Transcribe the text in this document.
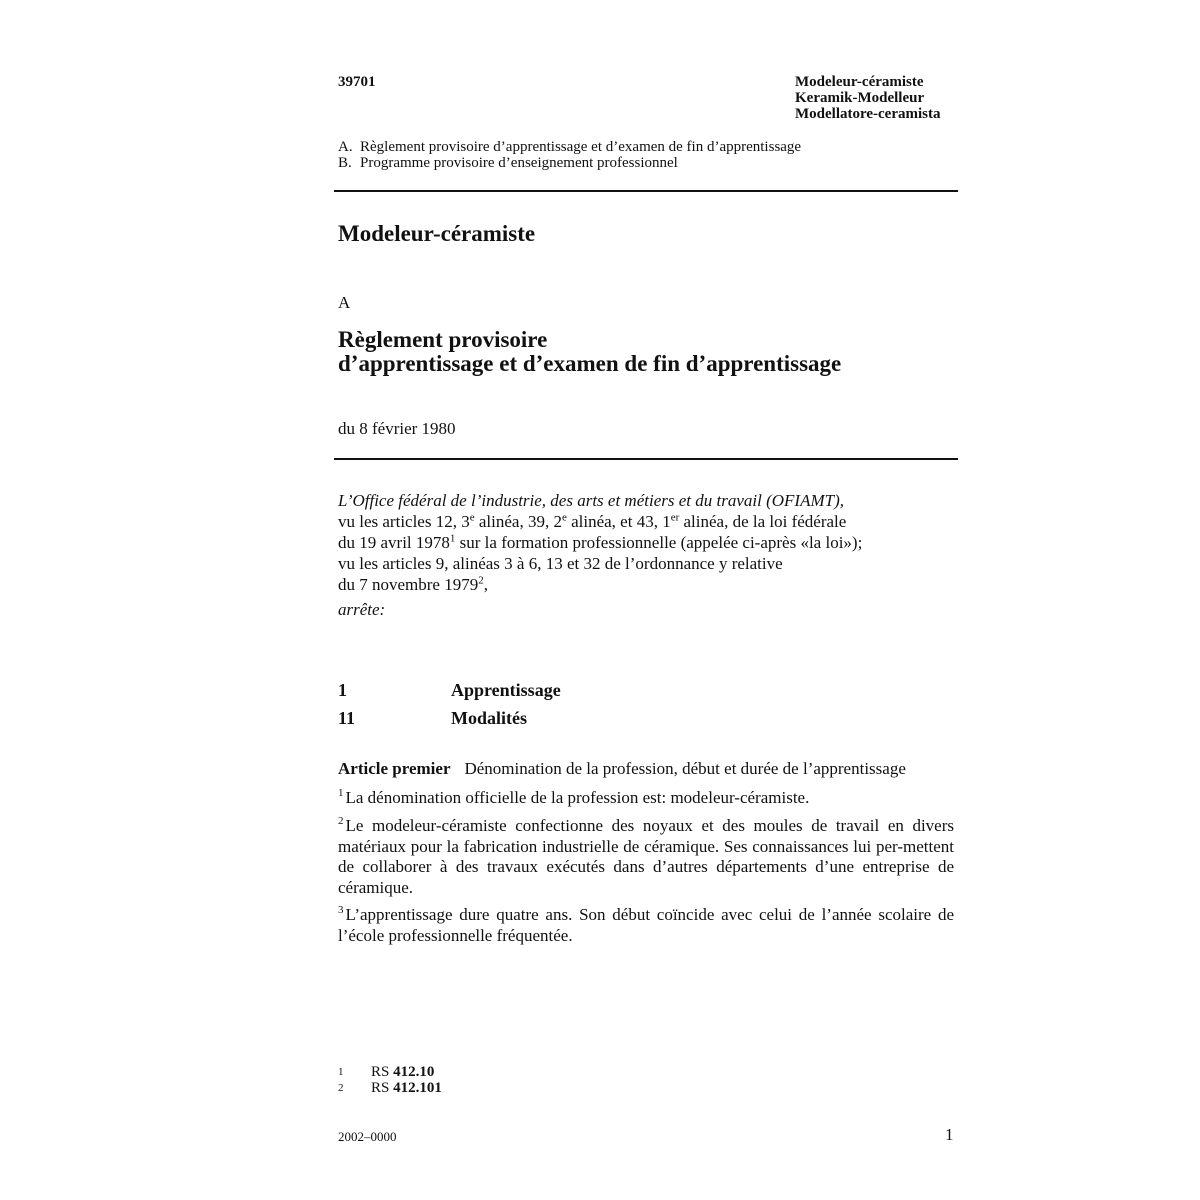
39701	Modeleur-céramiste
Keramik-Modelleur
Modellatore-ceramista
A. Règlement provisoire d’apprentissage et d’examen de fin d’apprentissage
B. Programme provisoire d’enseignement professionnel
Modeleur-céramiste
A
Règlement provisoire
d’apprentissage et d’examen de fin d’apprentissage
du 8 février 1980
L’Office fédéral de l’industrie, des arts et métiers et du travail (OFIAMT),
vu les articles 12, 3e alinéa, 39, 2e alinéa, et 43, 1er alinéa, de la loi fédérale
du 19 avril 1978$^1$ sur la formation professionnelle (appelée ci-après «la loi»);
vu les articles 9, alinéas 3 à 6, 13 et 32 de l’ordonnance y relative
du 7 novembre 1979$^2$,
arrête:
1	Apprentissage
11	Modalités
Article premier Dénomination de la profession, début et durée de l’apprentissage
$^1$ La dénomination officielle de la profession est: modeleur-céramiste.
$^2$ Le modeleur-céramiste confectionne des noyaux et des moules de travail en divers matériaux pour la fabrication industrielle de céramique. Ses connaissances lui per-mettent de collaborer à des travaux exécutés dans d’autres départements d’une entreprise de céramique.
$^3$ L’apprentissage dure quatre ans. Son début coïncide avec celui de l’année scolaire de l’école professionnelle fréquentée.
1 RS 412.10
2 RS 412.101
2002–0000	1
